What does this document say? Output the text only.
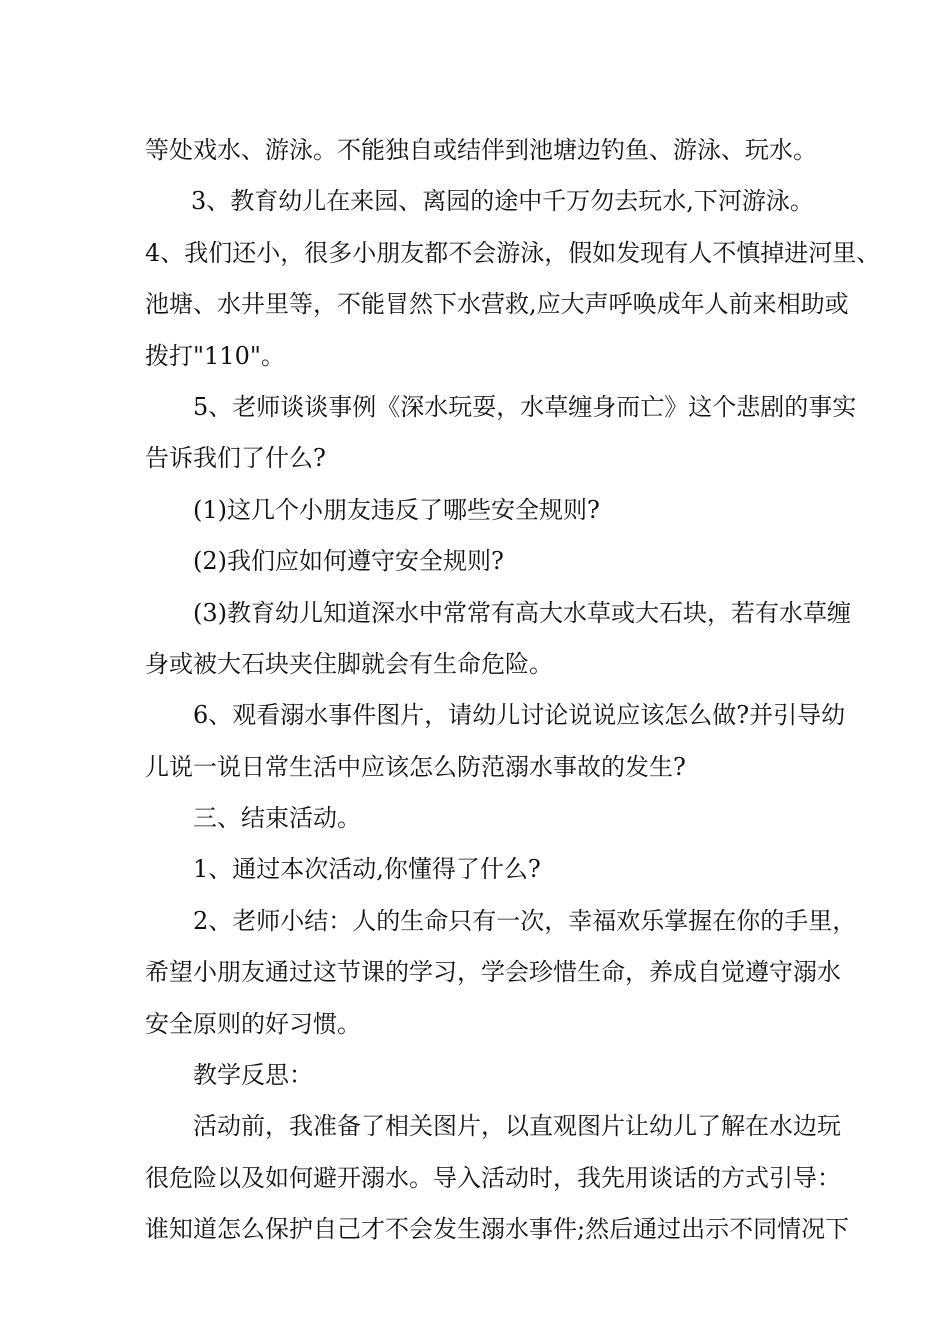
等处戏水、游泳。不能独自或结伴到池塘边钓鱼、游泳、玩水。
3、教育幼儿在来园、离园的途中千万勿去玩水,下河游泳。
4、我们还小，很多小朋友都不会游泳，假如发现有人不慎掉进河里、
池塘、水井里等，不能冒然下水营救,应大声呼唤成年人前来相助或
拨打"110"。
5、老师谈谈事例《深水玩耍，水草缠身而亡》这个悲剧的事实
告诉我们了什么?
(1)这几个小朋友违反了哪些安全规则?
(2)我们应如何遵守安全规则?
(3)教育幼儿知道深水中常常有高大水草或大石块，若有水草缠
身或被大石块夹住脚就会有生命危险。
6、观看溺水事件图片，请幼儿讨论说说应该怎么做?并引导幼
儿说一说日常生活中应该怎么防范溺水事故的发生?
三、结束活动。
1、通过本次活动,你懂得了什么?
2、老师小结：人的生命只有一次，幸福欢乐掌握在你的手里，
希望小朋友通过这节课的学习，学会珍惜生命，养成自觉遵守溺水
安全原则的好习惯。
教学反思：
活动前，我准备了相关图片，以直观图片让幼儿了解在水边玩
很危险以及如何避开溺水。导入活动时，我先用谈话的方式引导：
谁知道怎么保护自己才不会发生溺水事件;然后通过出示不同情况下
